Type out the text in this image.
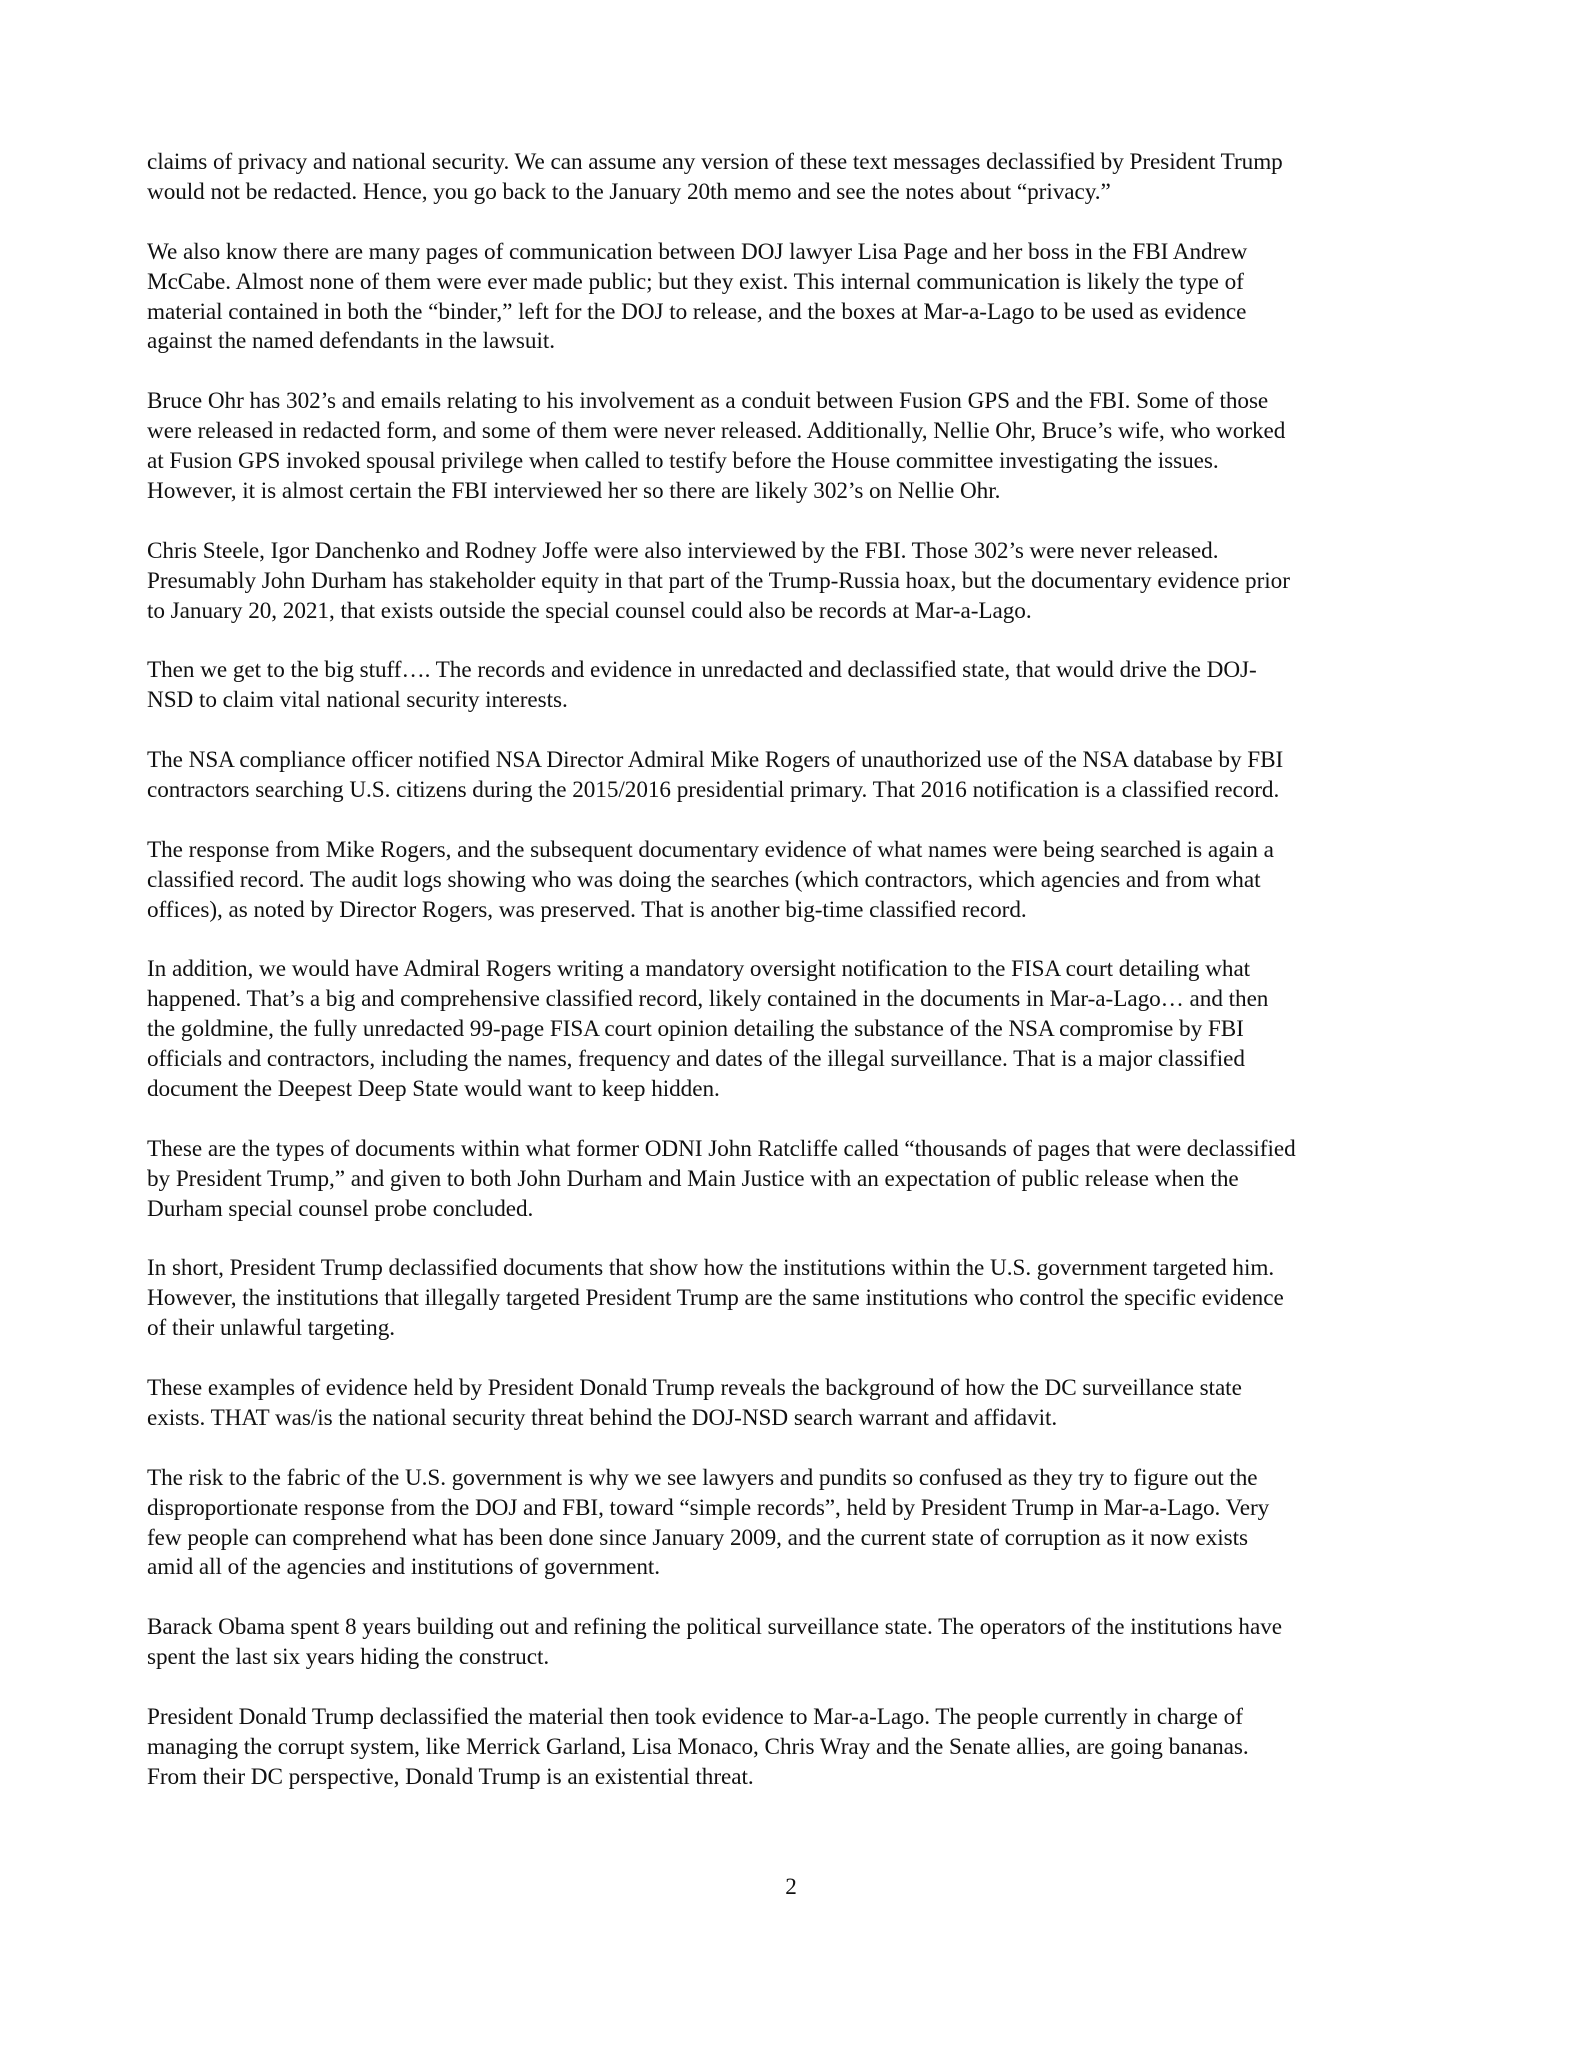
claims of privacy and national security. We can assume any version of these text messages declassified by President Trump
would not be redacted. Hence, you go back to the January 20th memo and see the notes about “privacy.”

We also know there are many pages of communication between DOJ lawyer Lisa Page and her boss in the FBI Andrew
McCabe. Almost none of them were ever made public; but they exist. This internal communication is likely the type of
material contained in both the “binder,” left for the DOJ to release, and the boxes at Mar-a-Lago to be used as evidence
against the named defendants in the lawsuit.

Bruce Ohr has 302’s and emails relating to his involvement as a conduit between Fusion GPS and the FBI. Some of those
were released in redacted form, and some of them were never released. Additionally, Nellie Ohr, Bruce’s wife, who worked
at Fusion GPS invoked spousal privilege when called to testify before the House committee investigating the issues.
However, it is almost certain the FBI interviewed her so there are likely 302’s on Nellie Ohr.

Chris Steele, Igor Danchenko and Rodney Joffe were also interviewed by the FBI. Those 302’s were never released.
Presumably John Durham has stakeholder equity in that part of the Trump-Russia hoax, but the documentary evidence prior
to January 20, 2021, that exists outside the special counsel could also be records at Mar-a-Lago.

Then we get to the big stuff…. The records and evidence in unredacted and declassified state, that would drive the DOJ-
NSD to claim vital national security interests.

The NSA compliance officer notified NSA Director Admiral Mike Rogers of unauthorized use of the NSA database by FBI
contractors searching U.S. citizens during the 2015/2016 presidential primary. That 2016 notification is a classified record.

The response from Mike Rogers, and the subsequent documentary evidence of what names were being searched is again a
classified record. The audit logs showing who was doing the searches (which contractors, which agencies and from what
offices), as noted by Director Rogers, was preserved. That is another big-time classified record.

In addition, we would have Admiral Rogers writing a mandatory oversight notification to the FISA court detailing what
happened. That’s a big and comprehensive classified record, likely contained in the documents in Mar-a-Lago… and then
the goldmine, the fully unredacted 99-page FISA court opinion detailing the substance of the NSA compromise by FBI
officials and contractors, including the names, frequency and dates of the illegal surveillance. That is a major classified
document the Deepest Deep State would want to keep hidden.

These are the types of documents within what former ODNI John Ratcliffe called “thousands of pages that were declassified
by President Trump,” and given to both John Durham and Main Justice with an expectation of public release when the
Durham special counsel probe concluded.

In short, President Trump declassified documents that show how the institutions within the U.S. government targeted him.
However, the institutions that illegally targeted President Trump are the same institutions who control the specific evidence
of their unlawful targeting.

These examples of evidence held by President Donald Trump reveals the background of how the DC surveillance state
exists. THAT was/is the national security threat behind the DOJ-NSD search warrant and affidavit.

The risk to the fabric of the U.S. government is why we see lawyers and pundits so confused as they try to figure out the
disproportionate response from the DOJ and FBI, toward “simple records”, held by President Trump in Mar-a-Lago. Very
few people can comprehend what has been done since January 2009, and the current state of corruption as it now exists
amid all of the agencies and institutions of government.

Barack Obama spent 8 years building out and refining the political surveillance state. The operators of the institutions have
spent the last six years hiding the construct.

President Donald Trump declassified the material then took evidence to Mar-a-Lago. The people currently in charge of
managing the corrupt system, like Merrick Garland, Lisa Monaco, Chris Wray and the Senate allies, are going bananas.
From their DC perspective, Donald Trump is an existential threat.

2
